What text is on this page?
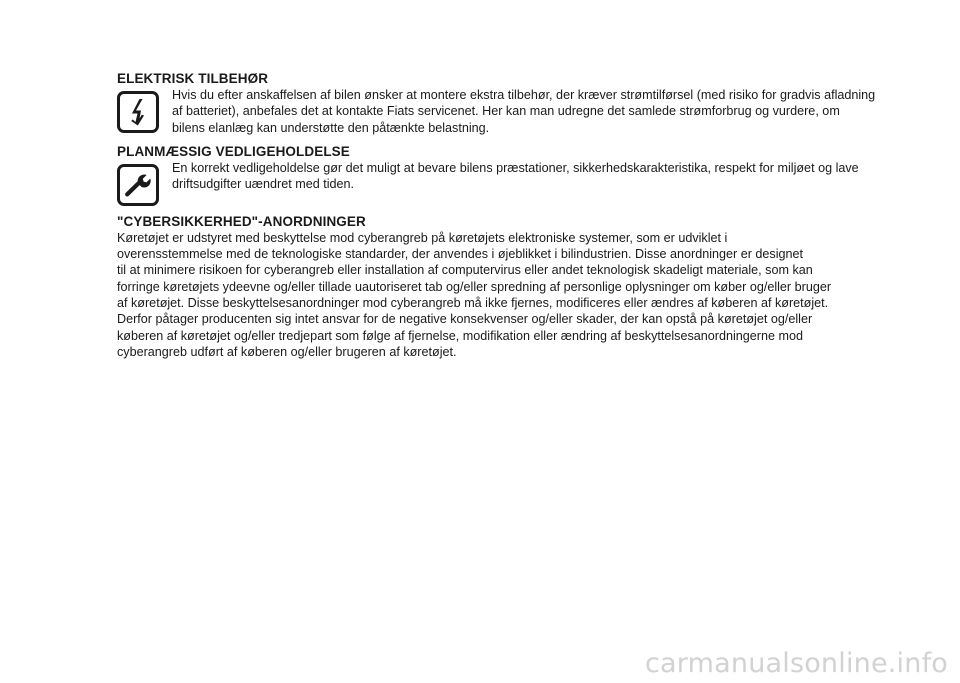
ELEKTRISK TILBEHØR

Hvis du efter anskaffelsen af bilen ønsker at montere ekstra tilbehør, der kræver strømtilførsel (med risiko for gradvis afladning
af batteriet), anbefales det at kontakte Fiats servicenet. Her kan man udregne det samlede strømforbrug og vurdere, om
bilens elanlæg kan understøtte den påtænkte belastning.

PLANMÆSSIG VEDLIGEHOLDELSE

En korrekt vedligeholdelse gør det muligt at bevare bilens præstationer, sikkerhedskarakteristika, respekt for miljøet og lave
driftsudgifter uændret med tiden.

"CYBERSIKKERHED"-ANORDNINGER

Køretøjet er udstyret med beskyttelse mod cyberangreb på køretøjets elektroniske systemer, som er udviklet i
overensstemmelse med de teknologiske standarder, der anvendes i øjeblikket i bilindustrien. Disse anordninger er designet
til at minimere risikoen for cyberangreb eller installation af computervirus eller andet teknologisk skadeligt materiale, som kan
forringe køretøjets ydeevne og/eller tillade uautoriseret tab og/eller spredning af personlige oplysninger om køber og/eller bruger
af køretøjet. Disse beskyttelsesanordninger mod cyberangreb må ikke fjernes, modificeres eller ændres af køberen af køretøjet.
Derfor påtager producenten sig intet ansvar for de negative konsekvenser og/eller skader, der kan opstå på køretøjet og/eller
køberen af køretøjet og/eller tredjepart som følge af fjernelse, modifikation eller ændring af beskyttelsesanordningerne mod
cyberangreb udført af køberen og/eller brugeren af køretøjet.

carmanualsonline.info
